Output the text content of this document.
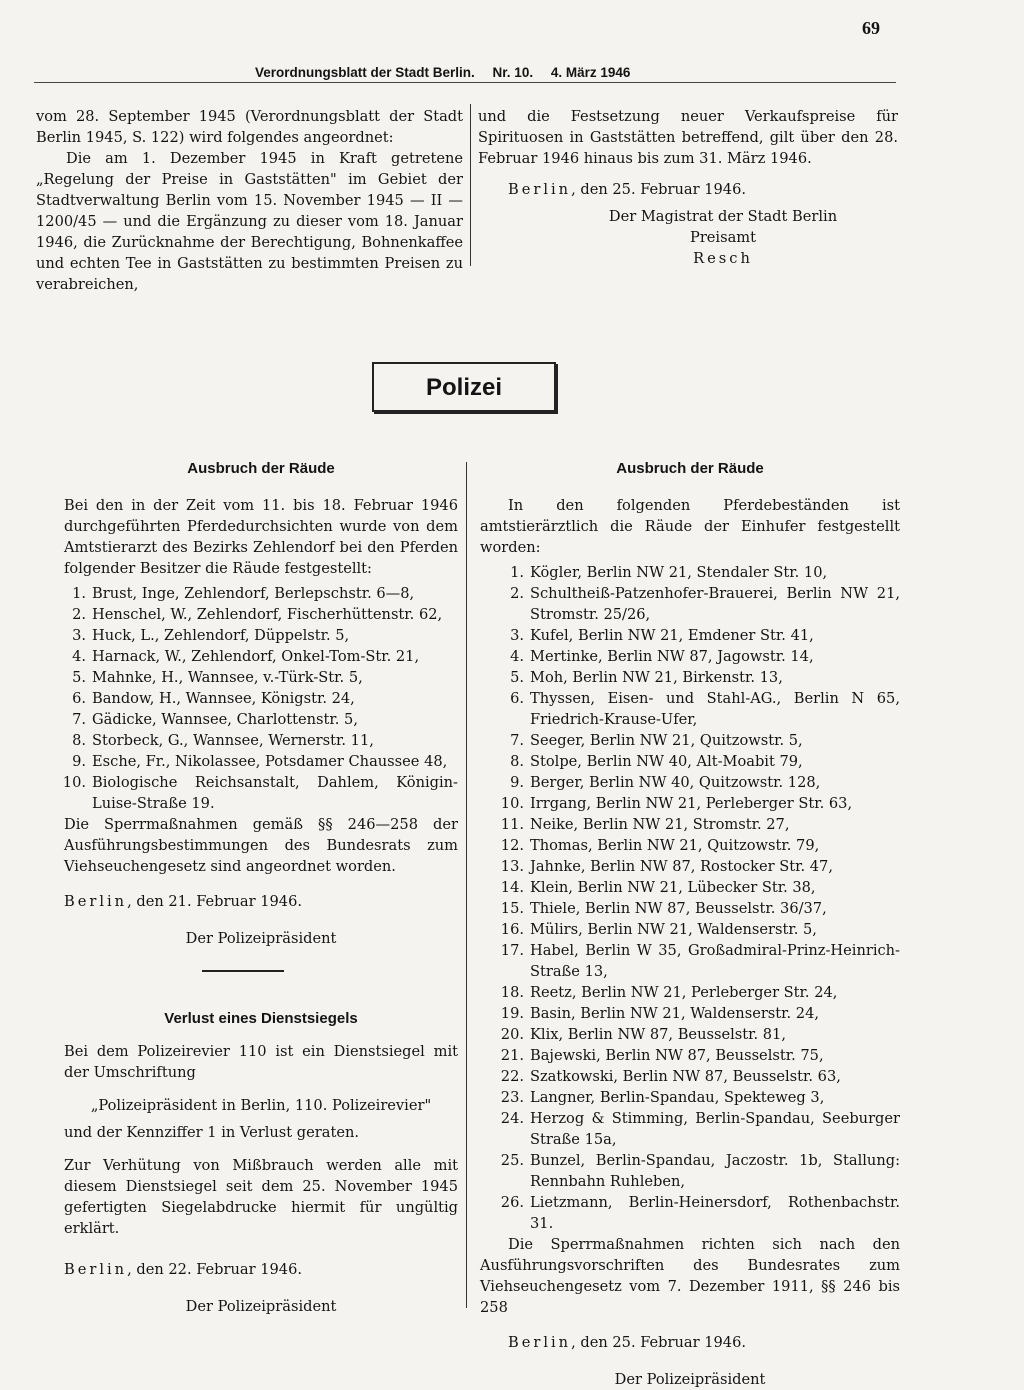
69
Verordnungsblatt der Stadt Berlin. Nr. 10. 4. März 1946

vom 28. September 1945 (Verordnungsblatt der Stadt Berlin 1945, S. 122) wird folgendes angeordnet:

Die am 1. Dezember 1945 in Kraft getretene „Regelung der Preise in Gaststätten" im Gebiet der Stadtverwaltung Berlin vom 15. November 1945 — II — 1200/45 — und die Ergänzung zu dieser vom 18. Januar 1946, die Zurücknahme der Berechtigung, Bohnenkaffee und echten Tee in Gaststätten zu bestimmten Preisen zu verabreichen,

und die Festsetzung neuer Verkaufspreise für Spirituosen in Gaststätten betreffend, gilt über den 28. Februar 1946 hinaus bis zum 31. März 1946.

Berlin, den 25. Februar 1946.

Der Magistrat der Stadt Berlin

Preisamt

Resch

Polizei

Ausbruch der Räude

Bei den in der Zeit vom 11. bis 18. Februar 1946 durchgeführten Pferdedurchsichten wurde von dem Amtstierarzt des Bezirks Zehlendorf bei den Pferden folgender Besitzer die Räude festgestellt:

1. Brust, Inge, Zehlendorf, Berlepschstr. 6—8,
2. Henschel, W., Zehlendorf, Fischerhüttenstr. 62,
3. Huck, L., Zehlendorf, Düppelstr. 5,
4. Harnack, W., Zehlendorf, Onkel-Tom-Str. 21,
5. Mahnke, H., Wannsee, v.-Türk-Str. 5,
6. Bandow, H., Wannsee, Königstr. 24,
7. Gädicke, Wannsee, Charlottenstr. 5,
8. Storbeck, G., Wannsee, Wernerstr. 11,
9. Esche, Fr., Nikolassee, Potsdamer Chaussee 48,
10. Biologische Reichsanstalt, Dahlem, Königin-Luise-Straße 19.

Die Sperrmaßnahmen gemäß §§ 246—258 der Ausführungsbestimmungen des Bundesrats zum Viehseuchengesetz sind angeordnet worden.

Berlin, den 21. Februar 1946.

Der Polizeipräsident

Verlust eines Dienstsiegels

Bei dem Polizeirevier 110 ist ein Dienstsiegel mit der Umschriftung

„Polizeipräsident in Berlin, 110. Polizeirevier"

und der Kennziffer 1 in Verlust geraten.

Zur Verhütung von Mißbrauch werden alle mit diesem Dienstsiegel seit dem 25. November 1945 gefertigten Siegelabdrucke hiermit für ungültig erklärt.

Berlin, den 22. Februar 1946.

Der Polizeipräsident

Ausbruch der Räude

In den folgenden Pferdebeständen ist amtstierärztlich die Räude der Einhufer festgestellt worden:

1. Kögler, Berlin NW 21, Stendaler Str. 10,
2. Schultheiß-Patzenhofer-Brauerei, Berlin NW 21, Stromstr. 25/26,
3. Kufel, Berlin NW 21, Emdener Str. 41,
4. Mertinke, Berlin NW 87, Jagowstr. 14,
5. Moh, Berlin NW 21, Birkenstr. 13,
6. Thyssen, Eisen- und Stahl-AG., Berlin N 65, Friedrich-Krause-Ufer,
7. Seeger, Berlin NW 21, Quitzowstr. 5,
8. Stolpe, Berlin NW 40, Alt-Moabit 79,
9. Berger, Berlin NW 40, Quitzowstr. 128,
10. Irrgang, Berlin NW 21, Perleberger Str. 63,
11. Neike, Berlin NW 21, Stromstr. 27,
12. Thomas, Berlin NW 21, Quitzowstr. 79,
13. Jahnke, Berlin NW 87, Rostocker Str. 47,
14. Klein, Berlin NW 21, Lübecker Str. 38,
15. Thiele, Berlin NW 87, Beusselstr. 36/37,
16. Mülirs, Berlin NW 21, Waldenserstr. 5,
17. Habel, Berlin W 35, Großadmiral-Prinz-Heinrich-Straße 13,
18. Reetz, Berlin NW 21, Perleberger Str. 24,
19. Basin, Berlin NW 21, Waldenserstr. 24,
20. Klix, Berlin NW 87, Beusselstr. 81,
21. Bajewski, Berlin NW 87, Beusselstr. 75,
22. Szatkowski, Berlin NW 87, Beusselstr. 63,
23. Langner, Berlin-Spandau, Spekteweg 3,
24. Herzog & Stimming, Berlin-Spandau, Seeburger Straße 15a,
25. Bunzel, Berlin-Spandau, Jaczostr. 1b, Stallung: Rennbahn Ruhleben,
26. Lietzmann, Berlin-Heinersdorf, Rothenbachstr. 31.

Die Sperrmaßnahmen richten sich nach den Ausführungsvorschriften des Bundesrates zum Viehseuchengesetz vom 7. Dezember 1911, §§ 246 bis 258

Berlin, den 25. Februar 1946.

Der Polizeipräsident
